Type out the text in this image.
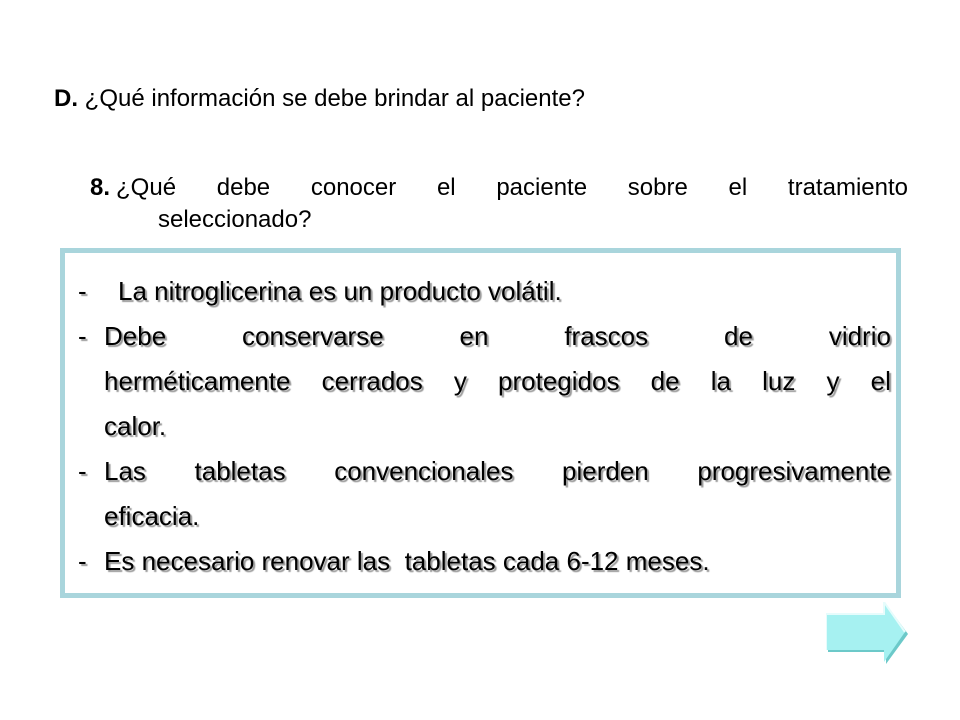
D. ¿Qué información se debe brindar al paciente?
8. ¿Qué debe conocer el paciente sobre el tratamiento
seleccionado?
-	La nitroglicerina es un producto volátil.
- Debe	conservarse	en	frascos	de	vidrio
herméticamente cerrados y protegidos de la luz y el
calor.
- Las tabletas convencionales pierden progresivamente
eficacia.
- Es necesario renovar las  tabletas cada 6-12 meses.
